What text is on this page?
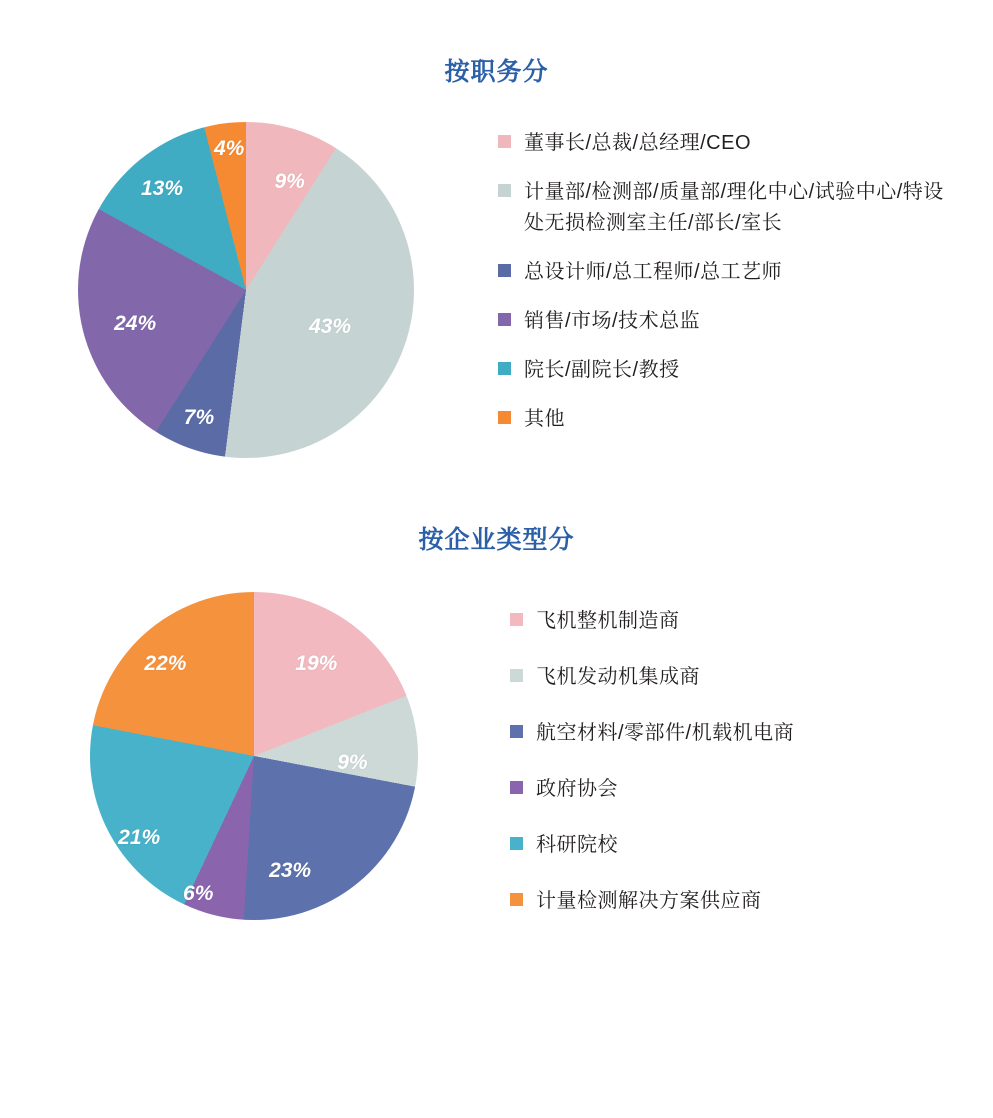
按职务分
9%
43%
7%
24%
13%
4%	董事长/总裁/总经理/CEO
计量部/检测部/质量部/理化中心/试验中心/特设处无损检测室主任/部长/室长
总设计师/总工程师/总工艺师
销售/市场/技术总监
院长/副院长/教授
其他
按企业类型分
19%
9%
23%
6%
21%
22%
飞机整机制造商
飞机发动机集成商
航空材料/零部件/机载机电商
政府协会
科研院校
计量检测解决方案供应商
